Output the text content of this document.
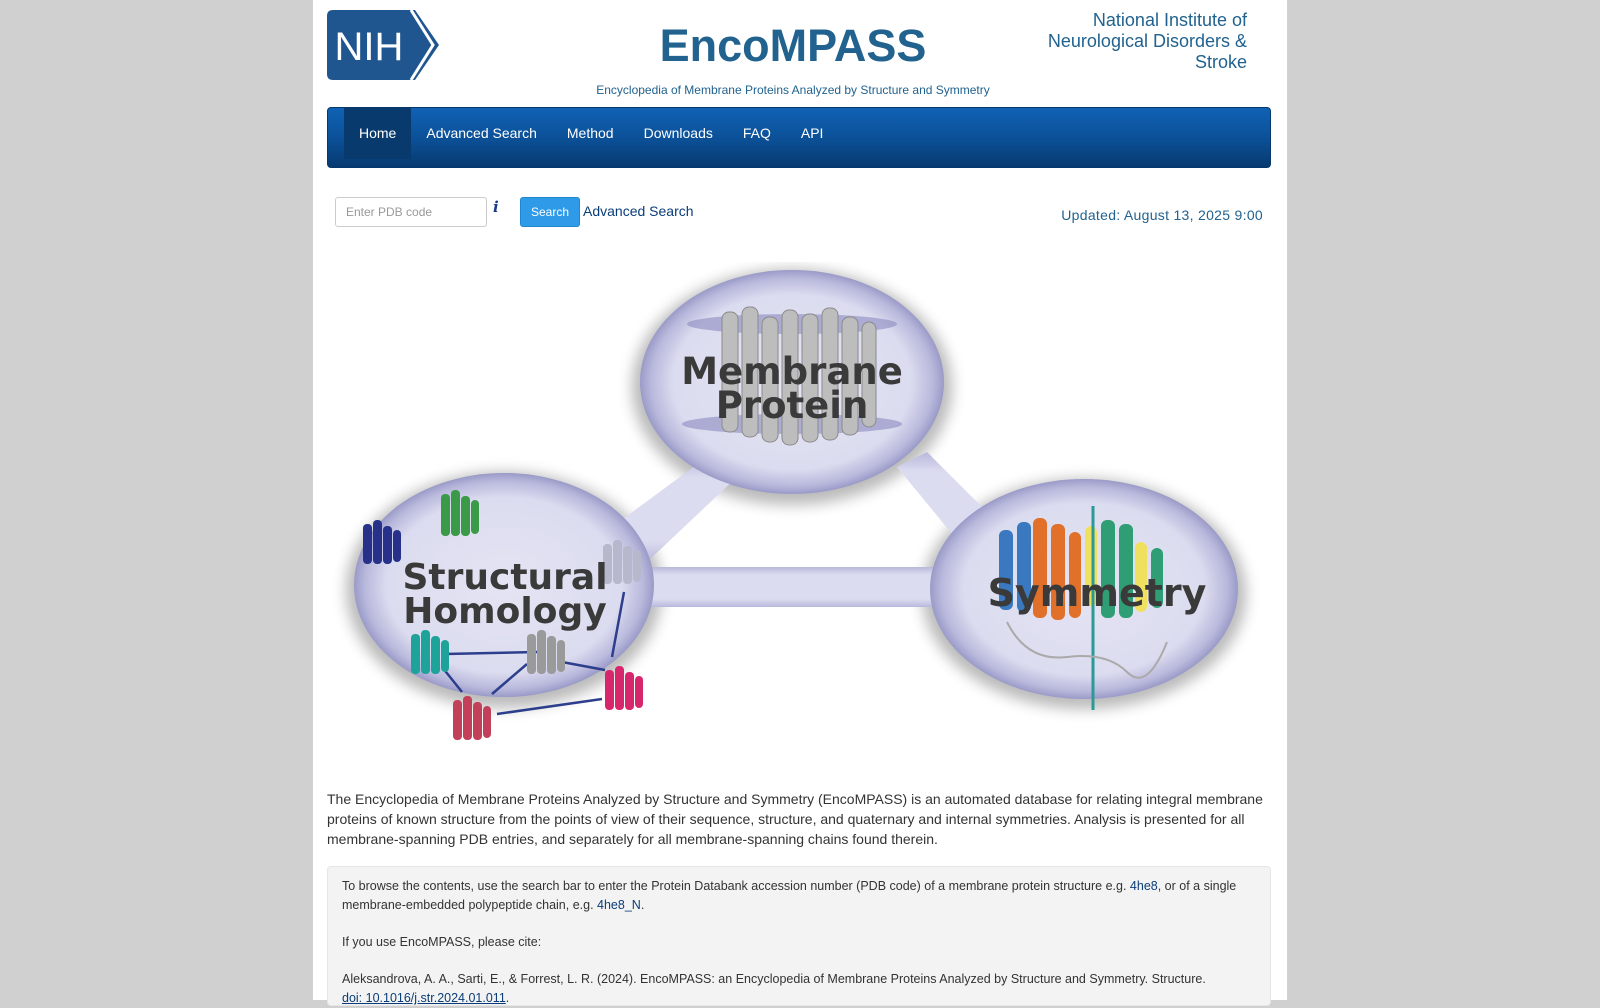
NIH	EncoMPASS
Encyclopedia of Membrane Proteins Analyzed by Structure and Symmetry
National Institute of Neurological Disorders & Stroke
Home	Advanced Search	Method	Downloads	FAQ	API
Enter PDB code
i	Search Advanced Search	Updated: August 13, 2025 9:00
Membrane
Protein
Structural
Homology	Symmetry

The Encyclopedia of Membrane Proteins Analyzed by Structure and Symmetry (EncoMPASS) is an automated database for relating integral membrane proteins of known structure from the points of view of their sequence, structure, and quaternary and internal symmetries. Analysis is presented for all membrane-spanning PDB entries, and separately for all membrane-spanning chains found therein.

To browse the contents, use the search bar to enter the Protein Databank accession number (PDB code) of a membrane protein structure e.g. 4he8, or of a single membrane-embedded polypeptide chain, e.g. 4he8_N.

If you use EncoMPASS, please cite:

Aleksandrova, A. A., Sarti, E., & Forrest, L. R. (2024). EncoMPASS: an Encyclopedia of Membrane Proteins Analyzed by Structure and Symmetry. Structure.
doi: 10.1016/j.str.2024.01.011.
